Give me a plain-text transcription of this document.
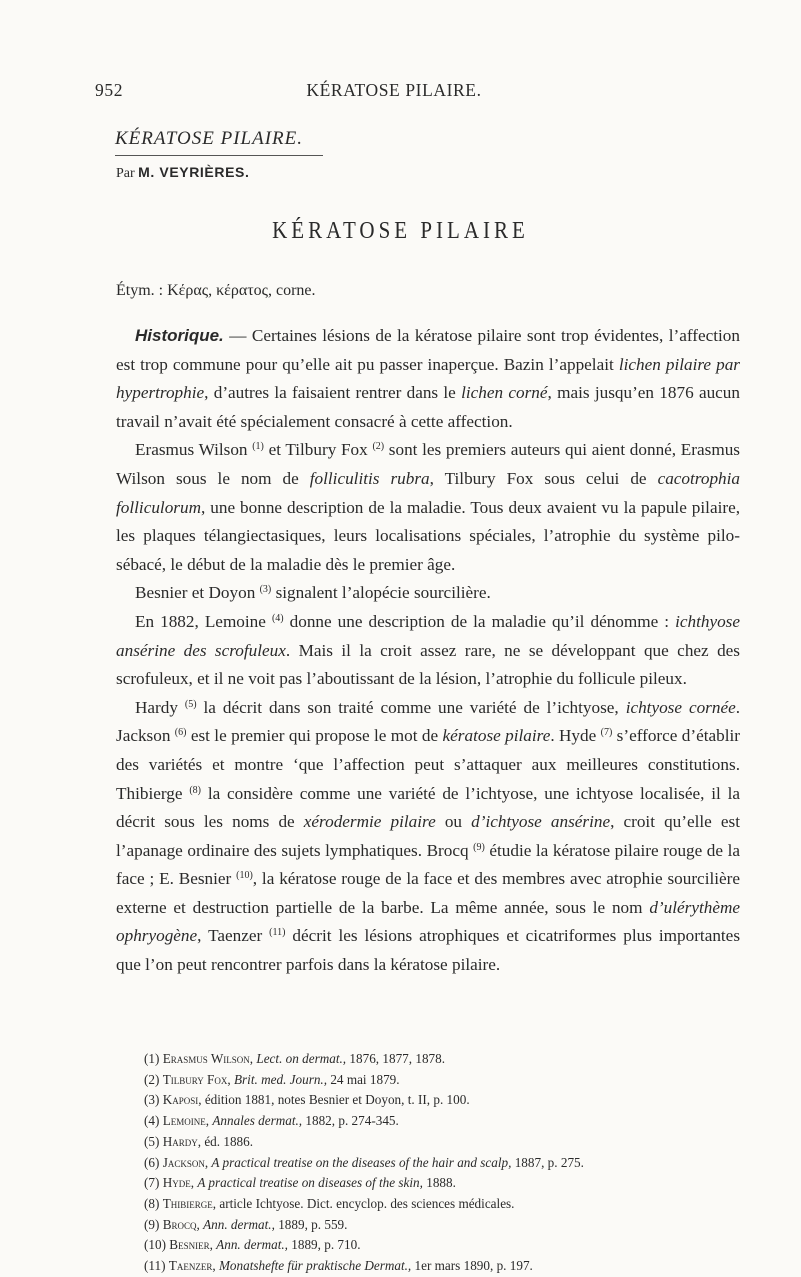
952	KÉRATOSE PILAIRE.
KÉRATOSE PILAIRE.
Par M. VEYRIÈRES.
KÉRATOSE PILAIRE
Étym. : Κέρας, κέρατος, corne.

Historique. — Certaines lésions de la kératose pilaire sont trop évidentes, l’affection est trop commune pour qu’elle ait pu passer inaperçue. Bazin l’appelait lichen pilaire par hypertrophie, d’autres la faisaient rentrer dans le lichen corné, mais jusqu’en 1876 aucun travail n’avait été spécialement consacré à cette affection.

Erasmus Wilson $^{(1)}$ et Tilbury Fox $^{(2)}$ sont les premiers auteurs qui aient donné, Erasmus Wilson sous le nom de folliculitis rubra, Tilbury Fox sous celui de cacotrophia folliculorum, une bonne description de la maladie. Tous deux avaient vu la papule pilaire, les plaques télangiectasiques, leurs localisations spéciales, l’atrophie du système pilo-sébacé, le début de la maladie dès le premier âge.

Besnier et Doyon $^{(3)}$ signalent l’alopécie sourcilière.

En 1882, Lemoine $^{(4)}$ donne une description de la maladie qu’il dénomme : ichthyose ansérine des scrofuleux. Mais il la croit assez rare, ne se développant que chez des scrofuleux, et il ne voit pas l’aboutissant de la lésion, l’atrophie du follicule pileux.

Hardy $^{(5)}$ la décrit dans son traité comme une variété de l’ichtyose, ichtyose cornée. Jackson $^{(6)}$ est le premier qui propose le mot de kératose pilaire. Hyde $^{(7)}$ s’efforce d’établir des variétés et montre ‘que l’affection peut s’attaquer aux meilleures constitutions. Thibierge $^{(8)}$ la considère comme une variété de l’ichtyose, une ichtyose localisée, il la décrit sous les noms de xérodermie pilaire ou d’ichtyose ansérine, croit qu’elle est l’apanage ordinaire des sujets lymphatiques. Brocq $^{(9)}$ étudie la kératose pilaire rouge de la face ; E. Besnier $^{(10)}$, la kératose rouge de la face et des membres avec atrophie sourcilière externe et destruction partielle de la barbe. La même année, sous le nom d’ulérythème ophryogène, Taenzer $^{(11)}$ décrit les lésions atrophiques et cicatriformes plus importantes que l’on peut rencontrer parfois dans la kératose pilaire.

(1) Erasmus Wilson, Lect. on dermat., 1876, 1877, 1878.
(2) Tilbury Fox, Brit. med. Journ., 24 mai 1879.
(3) Kaposi, édition 1881, notes Besnier et Doyon, t. II, p. 100.
(4) Lemoine, Annales dermat., 1882, p. 274-345.
(5) Hardy, éd. 1886.
(6) Jackson, A practical treatise on the diseases of the hair and scalp, 1887, p. 275.
(7) Hyde, A practical treatise on diseases of the skin, 1888.
(8) Thibierge, article Ichtyose. Dict. encyclop. des sciences médicales.
(9) Brocq, Ann. dermat., 1889, p. 559.
(10) Besnier, Ann. dermat., 1889, p. 710.
(11) Taenzer, Monatshefte für praktische Dermat., 1er mars 1890, p. 197.
